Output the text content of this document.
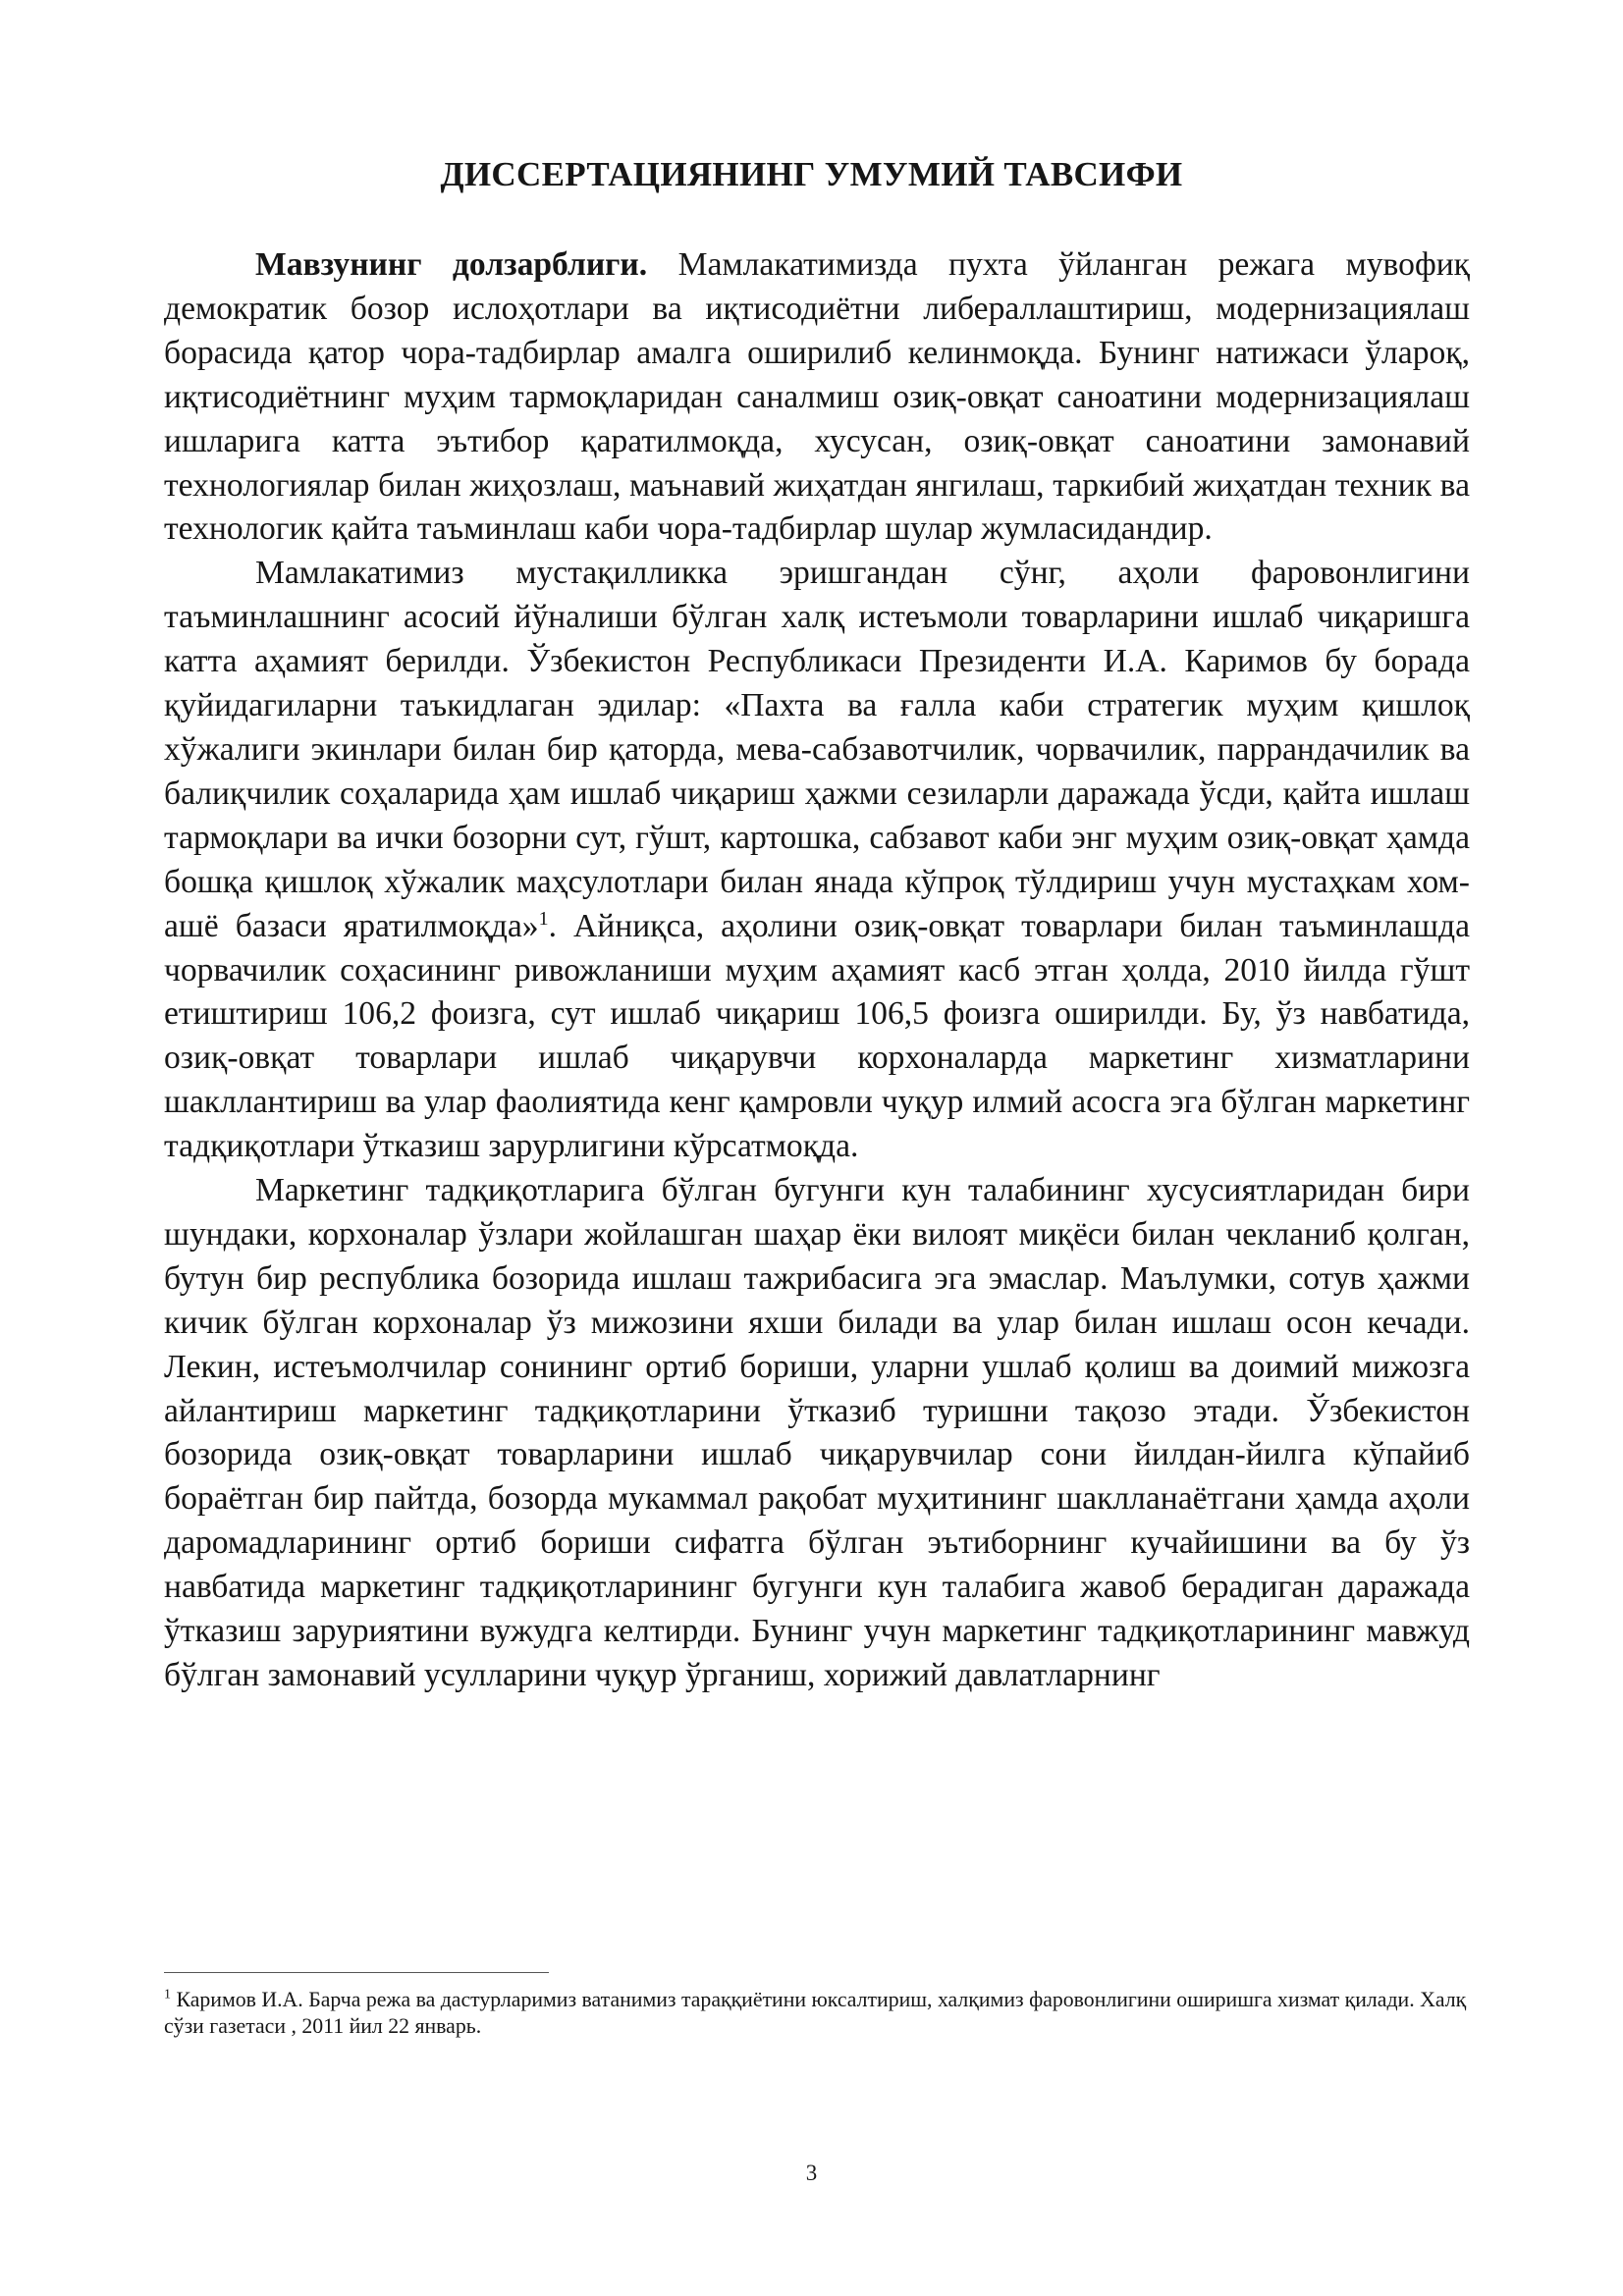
ДИССЕРТАЦИЯНИНГ УМУМИЙ ТАВСИФИ

Мавзунинг долзарблиги. Мамлакатимизда пухта ўйланган режага мувофиқ демократик бозор ислоҳотлари ва иқтисодиётни либераллаштириш, модернизациялаш борасида қатор чора-тадбирлар амалга оширилиб келинмоқда. Бунинг натижаси ўлароқ, иқтисодиётнинг муҳим тармоқларидан саналмиш озиқ-овқат саноатини модернизациялаш ишларига катта эътибор қаратилмоқда, хусусан, озиқ-овқат саноатини замонавий технологиялар билан жиҳозлаш, маънавий жиҳатдан янгилаш, таркибий жиҳатдан техник ва технологик қайта таъминлаш каби чора-тадбирлар шулар жумласидандир.

Мамлакатимиз мустақилликка эришгандан сўнг, аҳоли фаровонлигини таъминлашнинг асосий йўналиши бўлган халқ истеъмоли товарларини ишлаб чиқаришга катта аҳамият берилди. Ўзбекистон Республикаси Президенти И.А. Каримов бу борада қуйидагиларни таъкидлаган эдилар: «Пахта ва ғалла каби стратегик муҳим қишлоқ хўжалиги экинлари билан бир қаторда, мева-сабзавотчилик, чорвачилик, паррандачилик ва балиқчилик соҳаларида ҳам ишлаб чиқариш ҳажми сезиларли даражада ўсди, қайта ишлаш тармоқлари ва ички бозорни сут, гўшт, картошка, сабзавот каби энг муҳим озиқ-овқат ҳамда бошқа қишлоқ хўжалик маҳсулотлари билан янада кўпроқ тўлдириш учун мустаҳкам хом-ашё базаси яратилмоқда»$^1$. Айниқса, аҳолини озиқ-овқат товарлари билан таъминлашда чорвачилик соҳасининг ривожланиши муҳим аҳамият касб этган ҳолда, 2010 йилда гўшт етиштириш 106,2 фоизга, сут ишлаб чиқариш 106,5 фоизга оширилди. Бу, ўз навбатида, озиқ-овқат товарлари ишлаб чиқарувчи корхоналарда маркетинг хизматларини шакллантириш ва улар фаолиятида кенг қамровли чуқур илмий асосга эга бўлган маркетинг тадқиқотлари ўтказиш зарурлигини кўрсатмоқда.

Маркетинг тадқиқотларига бўлган бугунги кун талабининг хусусиятларидан бири шундаки, корхоналар ўзлари жойлашган шаҳар ёки вилоят миқёси билан чекланиб қолган, бутун бир республика бозорида ишлаш тажрибасига эга эмаслар. Маълумки, сотув ҳажми кичик бўлган корхоналар ўз мижозини яхши билади ва улар билан ишлаш осон кечади. Лекин, истеъмолчилар сонининг ортиб бориши, уларни ушлаб қолиш ва доимий мижозга айлантириш маркетинг тадқиқотларини ўтказиб туришни тақозо этади. Ўзбекистон бозорида озиқ-овқат товарларини ишлаб чиқарувчилар сони йилдан-йилга кўпайиб бораётган бир пайтда, бозорда мукаммал рақобат муҳитининг шаклланаётгани ҳамда аҳоли даромадларининг ортиб бориши сифатга бўлган эътиборнинг кучайишини ва бу ўз навбатида маркетинг тадқиқотларининг бугунги кун талабига жавоб берадиган даражада ўтказиш заруриятини вужудга келтирди. Бунинг учун маркетинг тадқиқотларининг мавжуд бўлган замонавий усулларини чуқур ўрганиш, хорижий давлатларнинг

$^1$ Каримов И.А. Барча режа ва дастурларимиз ватанимиз тараққиётини юксалтириш, халқимиз фаровонлигини оширишга хизмат қилади. Халқ сўзи газетаси , 2011 йил 22 январь.
3
